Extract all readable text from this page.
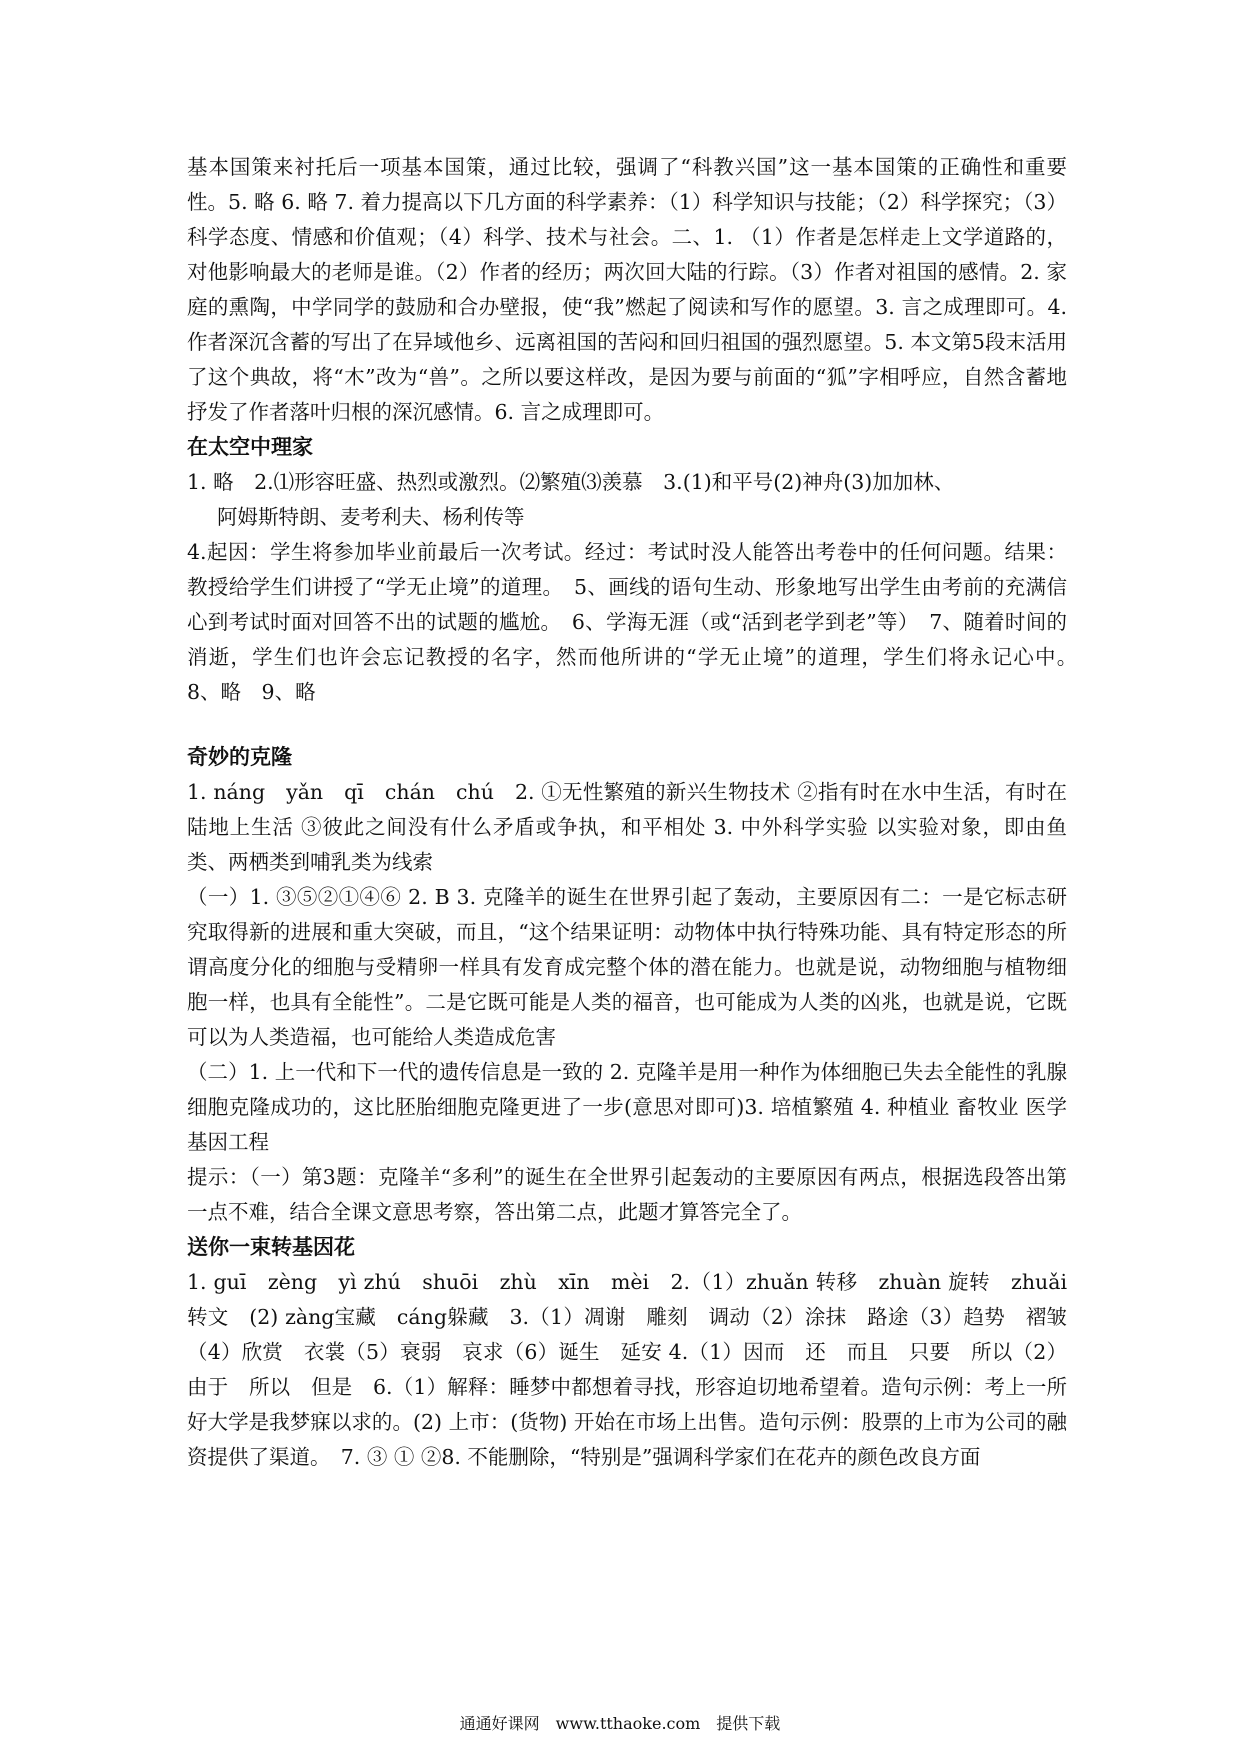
基本国策来衬托后一项基本国策，通过比较，强调了“科教兴国”这一基本国策的正确性和重要性。5. 略 6. 略 7. 着力提高以下几方面的科学素养：（1）科学知识与技能；（2）科学探究；（3）科学态度、情感和价值观；（4）科学、技术与社会。二、1. （1）作者是怎样走上文学道路的，对他影响最大的老师是谁。（2）作者的经历；两次回大陆的行踪。（3）作者对祖国的感情。2. 家庭的熏陶，中学同学的鼓励和合办壁报，使“我”燃起了阅读和写作的愿望。3. 言之成理即可。4. 作者深沉含蓄的写出了在异域他乡、远离祖国的苦闷和回归祖国的强烈愿望。5. 本文第5段末活用了这个典故，将“木”改为“兽”。之所以要这样改，是因为要与前面的“狐”字相呼应，自然含蓄地抒发了作者落叶归根的深沉感情。6. 言之成理即可。

在太空中理家

1. 略　2.⑴形容旺盛、热烈或激烈。⑵繁殖⑶羡慕　3.(1)和平号(2)神舟(3)加加林、

阿姆斯特朗、麦考利夫、杨利传等

4.起因：学生将参加毕业前最后一次考试。经过：考试时没人能答出考卷中的任何问题。结果：教授给学生们讲授了“学无止境”的道理。　5、画线的语句生动、形象地写出学生由考前的充满信心到考试时面对回答不出的试题的尴尬。　6、学海无涯（或“活到老学到老”等）　7、随着时间的消逝，学生们也许会忘记教授的名字，然而他所讲的“学无止境”的道理，学生们将永记心中。　8、略　9、略

奇妙的克隆

1. náng　yǎn　qī　chán　chú　2. ①无性繁殖的新兴生物技术 ②指有时在水中生活，有时在陆地上生活 ③彼此之间没有什么矛盾或争执，和平相处 3. 中外科学实验 以实验对象，即由鱼类、两栖类到哺乳类为线索

（一）1. ③⑤②①④⑥ 2. B 3. 克隆羊的诞生在世界引起了轰动，主要原因有二：一是它标志研究取得新的进展和重大突破，而且，“这个结果证明：动物体中执行特殊功能、具有特定形态的所谓高度分化的细胞与受精卵一样具有发育成完整个体的潜在能力。也就是说，动物细胞与植物细胞一样，也具有全能性”。二是它既可能是人类的福音，也可能成为人类的凶兆，也就是说，它既可以为人类造福，也可能给人类造成危害

（二）1. 上一代和下一代的遗传信息是一致的 2. 克隆羊是用一种作为体细胞已失去全能性的乳腺细胞克隆成功的，这比胚胎细胞克隆更进了一步(意思对即可)3. 培植繁殖 4. 种植业 畜牧业 医学 基因工程

提示：（一）第3题：克隆羊“多利”的诞生在全世界引起轰动的主要原因有两点，根据选段答出第一点不难，结合全课文意思考察，答出第二点，此题才算答完全了。

送你一束转基因花

1. guī　zèng　yì zhú　shuōi　zhù　xīn　mèi　2.（1）zhuǎn 转移　zhuàn 旋转　zhuǎi 转文　(2) zàng宝藏　cáng躲藏　3.（1）凋谢　雕刻　调动（2）涂抹　路途（3）趋势　褶皱（4）欣赏　衣裳（5）衰弱　哀求（6）诞生　延安 4.（1）因而　还　而且　只要　所以（2）由于　所以　但是　6.（1）解释：睡梦中都想着寻找，形容迫切地希望着。造句示例：考上一所好大学是我梦寐以求的。(2) 上市：(货物) 开始在市场上出售。造句示例：股票的上市为公司的融资提供了渠道。　7. ③ ① ②8. 不能删除，“特别是”强调科学家们在花卉的颜色改良方面

通通好课网　www.tthaoke.com　提供下载
